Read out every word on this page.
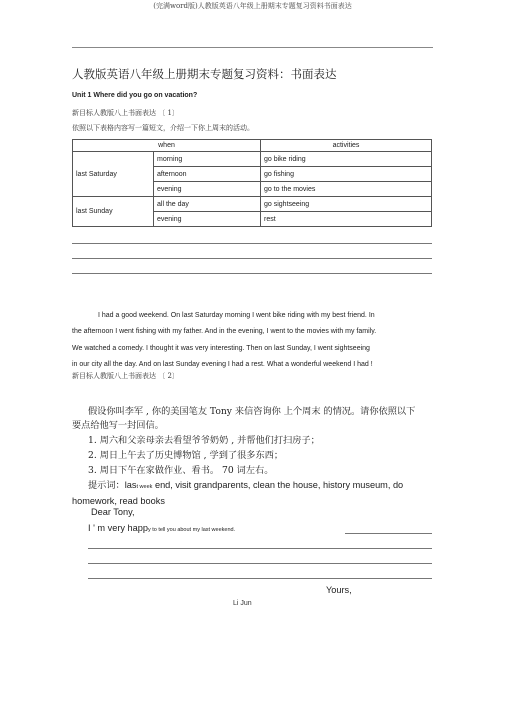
(完满word版)人教版英语八年级上册期末专题复习资料书面表达
人教版英语八年级上册期末专题复习资料：书面表达
Unit 1 Where did you go on vacation?
新目标人教版八上书面表达 〔 1〕
依照以下表格内容写一篇短文，介绍一下你上周末的活动。
when		activities
last Saturday	morning	go bike riding
	afternoon	go fishing
	evening	go to the movies
last Sunday	all the day	go sightseeing
	evening	rest

I had a good weekend. On last Saturday morning I went bike riding with my best friend. In

the afternoon I went fishing with my father. And in the evening, I went to the movies with my family.

We watched a comedy. I thought it was very interesting. Then on last Sunday, I went sightseeing

in our city all the day. And on last Sunday evening I had a rest. What a wonderful weekend I had !

新目标人教版八上书面表达 〔 2〕
假设你叫李军 , 你的美国笔友 Tony 来信咨询你 上个周末 的情况。请你依照以下
要点给他写一封回信。
1. 周六和父亲母亲去看望爷爷奶奶 , 并帮他们打扫房子；
2. 周日上午去了历史博物馆 , 学到了很多东西；
3. 周日下午在家做作业、看书。 70 词左右。
提示词：last week end, visit grandparents, clean the house, history museum, do
homework, read books
Dear Tony,
I ' m very happy to tell you about my last weekend.
Yours,
Li Jun
